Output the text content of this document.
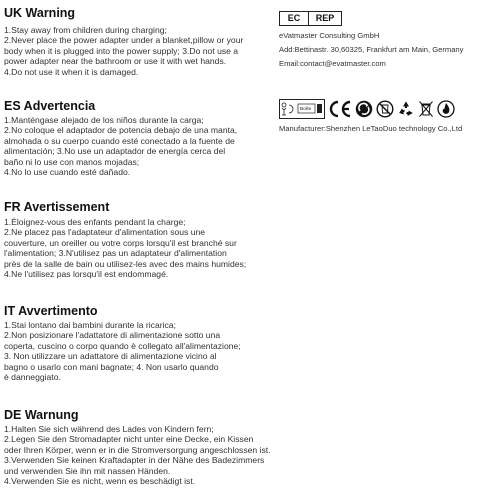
UK Warning
1.Stay away from children during charging;
2.Never place the power adapter under a blanket,pillow or your
body when it is plugged into the power supply; 3.Do not use a
power adapter near the bathroom or use it with wet hands.
4.Do not use it when it is damaged.
EC	REP
eVatmaster Consulting GmbH
Add:Bettinastr. 30,60325, Frankfurt am Main, Germany
Email:contact@evatmaster.com
ES Advertencia
1.Manténgase alejado de los niños durante la carga;
2.No coloque el adaptador de potencia debajo de una manta,
almohada o su cuerpo cuando esté conectado a la fuente de
alimentación; 3.No use un adaptador de energía cerca del
baño ni lo use con manos mojadas;
4.No lo use cuando esté dañado.
Boîte
Manufacturer:Shenzhen LeTaoDuo technology Co.,Ltd
FR Avertissement
1.Éloignez-vous des enfants pendant la charge;
2.Ne placez pas l'adaptateur d'alimentation sous une
couverture, un oreiller ou votre corps lorsqu'il est branché sur
l'alimentation; 3.N'utilisez pas un adaptateur d'alimentation
près de la salle de bain ou utilisez-les avec des mains humides;
4.Ne l'utilisez pas lorsqu'il est endommagé.
IT Avvertimento
1.Stai lontano dai bambini durante la ricarica;
2.Non posizionare l'adattatore di alimentazione sotto una
coperta, cuscino o corpo quando è collegato all'alimentazione;
3. Non utilizzare un adattatore di alimentazione vicino al
bagno o usarlo con mani bagnate; 4. Non usarlo quando
è danneggiato.
DE Warnung
1.Halten Sie sich während des Lades von Kindern fern;
2.Legen Sie den Stromadapter nicht unter eine Decke, ein Kissen
oder Ihren Körper, wenn er in die Stromversorgung angeschlossen ist.
3.Verwenden Sie keinen Kraftadapter in der Nähe des Badezimmers
und verwenden Sie ihn mit nassen Händen.
4.Verwenden Sie es nicht, wenn es beschädigt ist.
